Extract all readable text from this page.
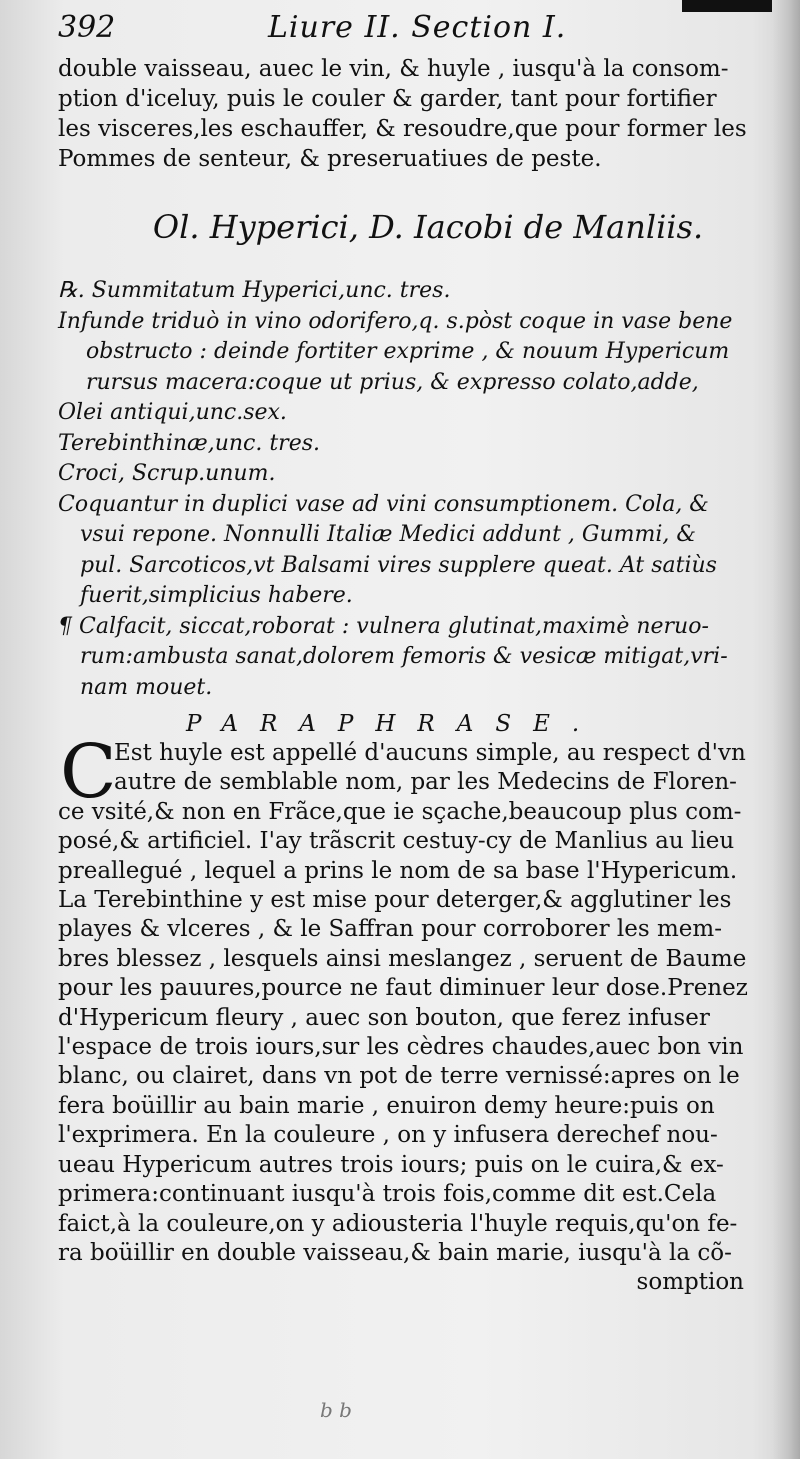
392	Liure II. Section I.
double vaisseau, auec le vin, & huyle , iusqu'à la consom-
ption d'iceluy, puis le couler & garder, tant pour fortifier
les visceres,les eschauffer, & resoudre,que pour former les
Pommes de senteur, & preseruatiues de peste.
Ol. Hyperici, D. Iacobi de Manliis.
℞. Summitatum Hyperici,unc. tres.
Infunde triduò in vino odorifero,q. s.pòst coque in vase bene
obstructo : deinde fortiter exprime , & nouum Hypericum
rursus macera:coque ut prius, & expresso colato,adde,
Olei antiqui,unc.sex.
Terebinthinæ,unc. tres.
Croci, Scrup.unum.
Coquantur in duplici vase ad vini consumptionem. Cola, &
vsui repone. Nonnulli Italiæ Medici addunt , Gummi, &
pul. Sarcoticos,vt Balsami vires supplere queat. At satiùs
fuerit,simplicius habere.
¶ Calfacit, siccat,roborat : vulnera glutinat,maximè neruo-
rum:ambusta sanat,dolorem femoris & vesicæ mitigat,vri-
nam mouet.
PARAPHRASE.
C
Est huyle est appellé d'aucuns simple, au respect d'vn
autre de semblable nom, par les Medecins de Floren-
ce vsité,& non en Frãce,que ie sçache,beaucoup plus com-
posé,& artificiel. I'ay trãscrit cestuy-cy de Manlius au lieu
preallegué , lequel a prins le nom de sa base l'Hypericum.
La Terebinthine y est mise pour deterger,& agglutiner les
playes & vlceres , & le Saffran pour corroborer les mem-
bres blessez , lesquels ainsi meslangez , seruent de Baume
pour les pauures,pource ne faut diminuer leur dose.Prenez
d'Hypericum fleury , auec son bouton, que ferez infuser
l'espace de trois iours,sur les cèdres chaudes,auec bon vin
blanc, ou clairet, dans vn pot de terre vernissé:apres on le
fera boüillir au bain marie , enuiron demy heure:puis on
l'exprimera. En la couleure , on y infusera derechef nou-
ueau Hypericum autres trois iours; puis on le cuira,& ex-
primera:continuant iusqu'à trois fois,comme dit est.Cela
faict,à la couleure,on y adiousteria l'huyle requis,qu'on fe-
ra boüillir en double vaisseau,& bain marie, iusqu'à la cõ-
somption
b b
